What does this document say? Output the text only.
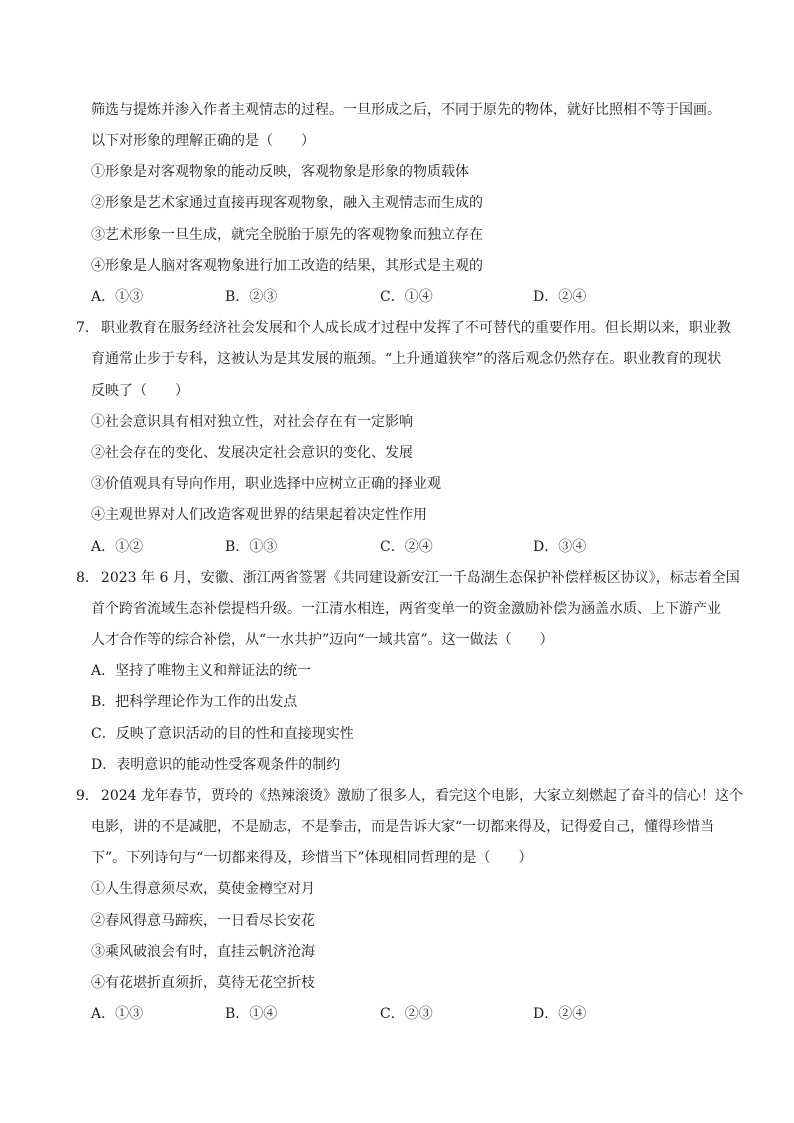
筛选与提炼并渗入作者主观情志的过程。一旦形成之后，不同于原先的物体，就好比照相不等于国画。
以下对形象的理解正确的是（　　）
①形象是对客观物象的能动反映，客观物象是形象的物质载体
②形象是艺术家通过直接再现客观物象，融入主观情志而生成的
③艺术形象一旦生成，就完全脱胎于原先的客观物象而独立存在
④形象是人脑对客观物象进行加工改造的结果，其形式是主观的
A．①③	B．②③	C．①④	D．②④
7． 职业教育在服务经济社会发展和个人成长成才过程中发挥了不可替代的重要作用。但长期以来，职业教
育通常止步于专科，这被认为是其发展的瓶颈。“上升通道狭窄”的落后观念仍然存在。职业教育的现状
反映了（　　）
①社会意识具有相对独立性，对社会存在有一定影响
②社会存在的变化、发展决定社会意识的变化、发展
③价值观具有导向作用，职业选择中应树立正确的择业观
④主观世界对人们改造客观世界的结果起着决定性作用
A．①②	B．①③	C．②④	D．③④
8． 2023 年 6 月，安徽、浙江两省签署《共同建设新安江一千岛湖生态保护补偿样板区协议》，标志着全国
首个跨省流域生态补偿提档升级。一江清水相连，两省变单一的资金激励补偿为涵盖水质、上下游产业
人才合作等的综合补偿，从“一水共护”迈向“一域共富”。这一做法（　　）
A．坚持了唯物主义和辩证法的统一
B．把科学理论作为工作的出发点
C．反映了意识活动的目的性和直接现实性
D．表明意识的能动性受客观条件的制约
9． 2024 龙年春节，贾玲的《热辣滚烫》激励了很多人，看完这个电影，大家立刻燃起了奋斗的信心！这个
电影，讲的不是减肥，不是励志，不是拳击，而是告诉大家“一切都来得及，记得爱自己，懂得珍惜当
下”。下列诗句与“一切都来得及，珍惜当下”体现相同哲理的是（　　）
①人生得意须尽欢，莫使金樽空对月
②春风得意马蹄疾，一日看尽长安花
③乘风破浪会有时，直挂云帆济沧海
④有花堪折直须折，莫待无花空折枝
A．①③	B．①④	C．②③	D．②④
